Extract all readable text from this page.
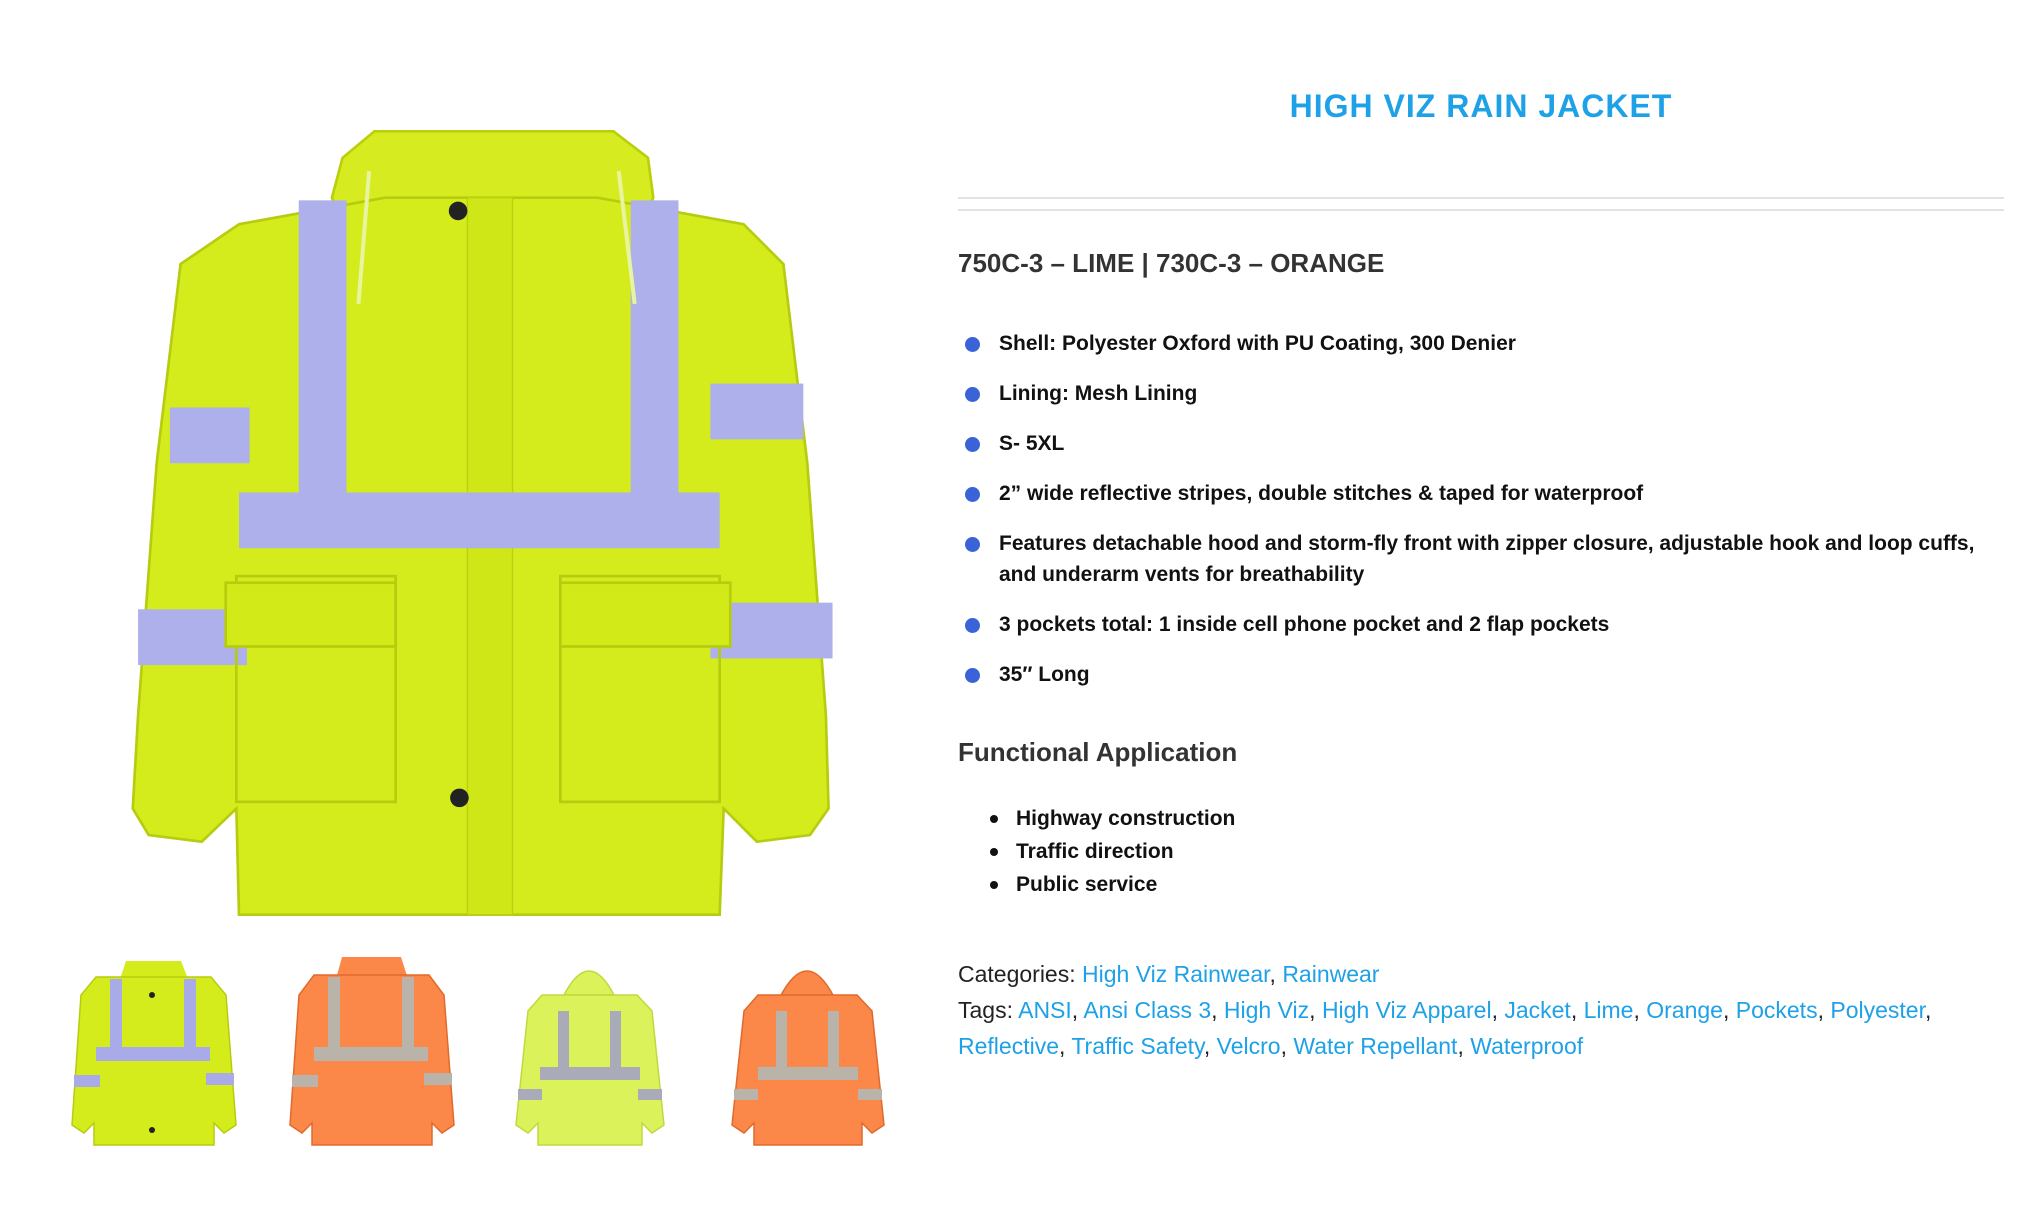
HIGH VIZ RAIN JACKET
750C-3 – LIME | 730C-3 – ORANGE
Shell: Polyester Oxford with PU Coating, 300 Denier
Lining: Mesh Lining
S- 5XL
2” wide reflective stripes, double stitches & taped for waterproof
Features detachable hood and storm-fly front with zipper closure, adjustable hook and loop cuffs, and underarm vents for breathability
3 pockets total: 1 inside cell phone pocket and 2 flap pockets
35″ Long
Functional Application
Highway construction
Traffic direction
Public service
Categories: High Viz Rainwear, Rainwear
Tags: ANSI, Ansi Class 3, High Viz, High Viz Apparel, Jacket, Lime, Orange, Pockets, Polyester, Reflective, Traffic Safety, Velcro, Water Repellant, Waterproof
